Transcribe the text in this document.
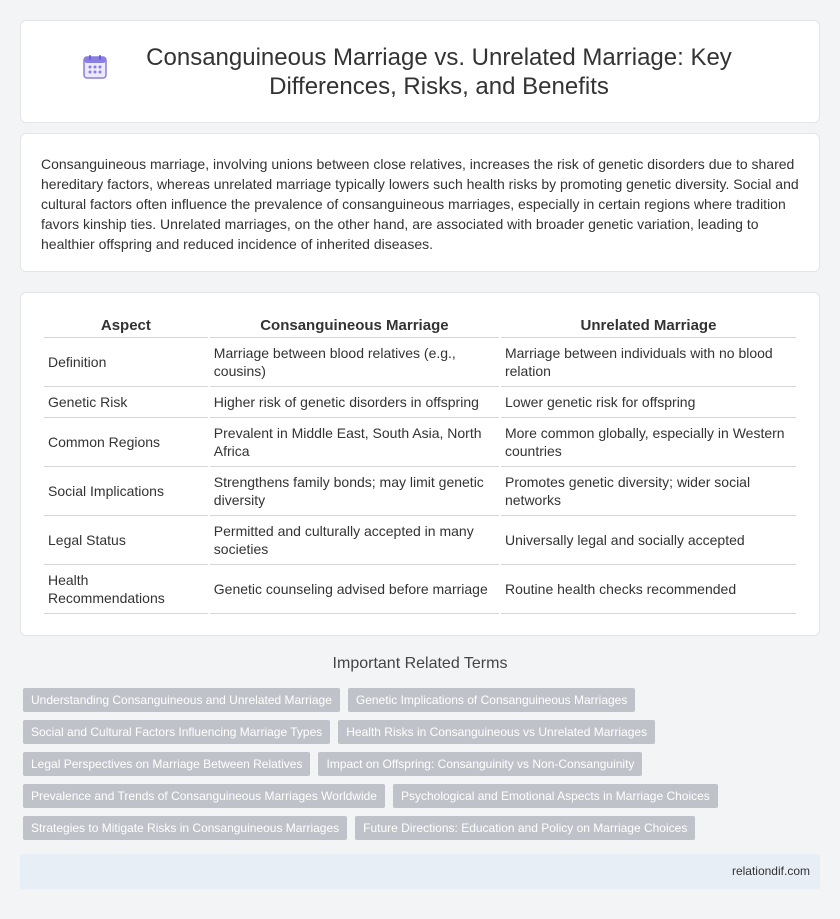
Consanguineous Marriage vs. Unrelated Marriage: Key Differences, Risks, and Benefits

Consanguineous marriage, involving unions between close relatives, increases the risk of genetic disorders due to shared hereditary factors, whereas unrelated marriage typically lowers such health risks by promoting genetic diversity. Social and cultural factors often influence the prevalence of consanguineous marriages, especially in certain regions where tradition favors kinship ties. Unrelated marriages, on the other hand, are associated with broader genetic variation, leading to healthier offspring and reduced incidence of inherited diseases.

Aspect	Consanguineous Marriage	Unrelated Marriage
Definition	Marriage between blood relatives (e.g., cousins)	Marriage between individuals with no blood relation
Genetic Risk	Higher risk of genetic disorders in offspring	Lower genetic risk for offspring
Common Regions	Prevalent in Middle East, South Asia, North Africa	More common globally, especially in Western countries
Social Implications	Strengthens family bonds; may limit genetic diversity	Promotes genetic diversity; wider social networks
Legal Status	Permitted and culturally accepted in many societies	Universally legal and socially accepted
Health Recommendations	Genetic counseling advised before marriage	Routine health checks recommended
Important Related Terms
Understanding Consanguineous and Unrelated Marriage	Genetic Implications of Consanguineous Marriages
Social and Cultural Factors Influencing Marriage Types	Health Risks in Consanguineous vs Unrelated Marriages
Legal Perspectives on Marriage Between Relatives	Impact on Offspring: Consanguinity vs Non-Consanguinity
Prevalence and Trends of Consanguineous Marriages Worldwide	Psychological and Emotional Aspects in Marriage Choices
Strategies to Mitigate Risks in Consanguineous Marriages	Future Directions: Education and Policy on Marriage Choices
relationdif.com
